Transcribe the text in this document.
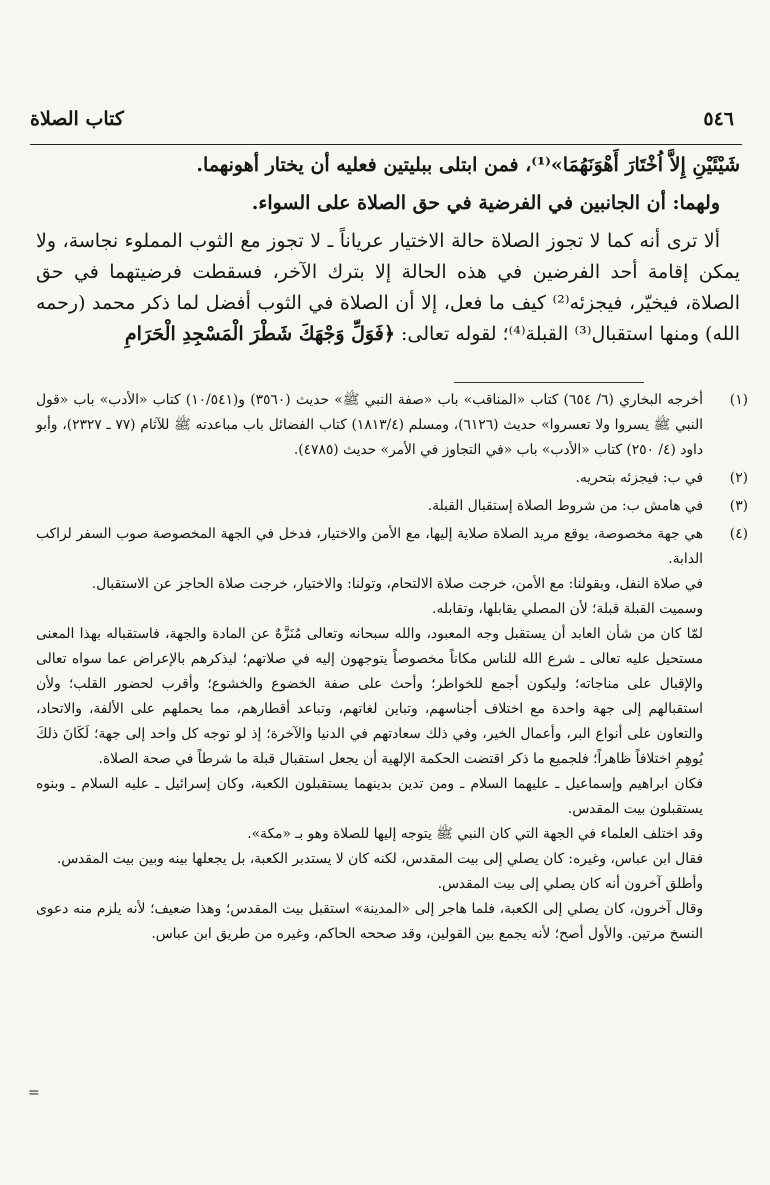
٥٤٦
كتاب الصلاة

شَيْئَيْنِ إِلاَّ اُخْتَارَ أَهْوَنَهُمَا»⁽¹⁾، فمن ابتلى ببليتين فعليه أن يختار أهونهما.

ولهما: أن الجانبين في الفرضية في حق الصلاة على السواء.

ألا ترى أنه كما لا تجوز الصلاة حالة الاختيار عرياناً ـ لا تجوز مع الثوب المملوء نجاسة، ولا يمكن إقامة أحد الفرضين في هذه الحالة إلا بترك الآخر، فسقطت فرضيتهما في حق الصلاة، فيخيّر، فيجزئه⁽²⁾ كيف ما فعل، إلا أن الصلاة في الثوب أفضل لما ذكر محمد (رحمه الله) ومنها استقبال⁽³⁾ القبلة⁽⁴⁾؛ لقوله تعالى: ﴿فَوَلِّ وَجْهَكَ شَطْرَ الْمَسْجِدِ الْحَرَامِ

(١)

أخرجه البخاري (٦/ ٦٥٤) كتاب «المناقب» باب «صفة النبي ﷺ» حديث (٣٥٦٠) و(١٠/٥٤١) كتاب «الأدب» باب «قول النبي ﷺ يسروا ولا تعسروا» حديث (٦١٢٦)، ومسلم (١٨١٣/٤) كتاب الفضائل باب مباعدته ﷺ للآثام (٧٧ ـ ٢٣٢٧)، وأبو داود (٤/ ٢٥٠) كتاب «الأدب» باب «في التجاوز في الأمر» حديث (٤٧٨٥).

(٢)

في ب: فيجزئه بتحريه.

(٣)

في هامش ب: من شروط الصلاة إستقبال القبلة.

(٤)

هي جهة مخصوصة، يوقع مريد الصلاة صلاية إليها، مع الأمن والاختيار، فدخل في الجهة المخصوصة صوب السفر لراكب الدابة.

في صلاة النفل، وبقولنا: مع الأمن، خرجت صلاة الالتحام، وتولنا: والاختيار، خرجت صلاة الحاجز عن الاستقبال.

وسميت القبلة قبلة؛ لأن المصلي يقابلها، وتقابله.

لمّا كان من شأن العابد أن يستقبل وجه المعبود، والله سبحانه وتعالى مُنَزَّهٌ عن المادة والجهة، فاستقباله بهذا المعنى مستحيل عليه تعالى ـ شرع الله للناس مكاناً مخصوصاً يتوجهون إليه في صلاتهم؛ ليذكرهم بالإعراض عما سواه تعالى والإقبال على مناجاته؛ وليكون أجمع للخواطر؛ وأحث على صفة الخضوع والخشوع؛ وأقرب لحضور القلب؛ ولأن استقبالهم إلى جهة واحدة مع اختلاف أجناسهم، وتباين لغاتهم، وتباعد أقطارهم، مما يحملهم على الألفة، والاتحاد، والتعاون على أنواع البر، وأعمال الخير، وفي ذلك سعادتهم في الدنيا والآخرة؛ إذ لو توجه كل واحد إلى جهة؛ لَكَانَ ذلكَ يُوهِمِ اختلافاً ظاهراً؛ فلجميع ما ذكر اقتضت الحكمة الإلهية أن يجعل استقبال قبلة ما شرطاً في صحة الصلاة.

فكان ابراهيم وإسماعيل ـ عليهما السلام ـ ومن تدين بدينهما يستقبلون الكعبة، وكان إسرائيل ـ عليه السلام ـ وبنوه يستقبلون بيت المقدس.

وقد اختلف العلماء في الجهة التي كان النبي ﷺ يتوجه إليها للصلاة وهو بـ «مكة».

فقال ابن عباس، وغيره: كان يصلي إلى بيت المقدس، لكنه كان لا يستدبر الكعبة، بل يجعلها بينه وبين بيت المقدس.

وأطلق آخرون أنه كان يصلي إلى بيت المقدس.

وقال آخرون، كان يصلي إلى الكعبة، فلما هاجر إلى «المدينة» استقبل بيت المقدس؛ وهذا ضعيف؛ لأنه يلزم منه دعوى النسخ مرتين. والأول أصح؛ لأنه يجمع بين القولين، وقد صححه الحاكم، وغيره من طريق ابن عباس.

=
